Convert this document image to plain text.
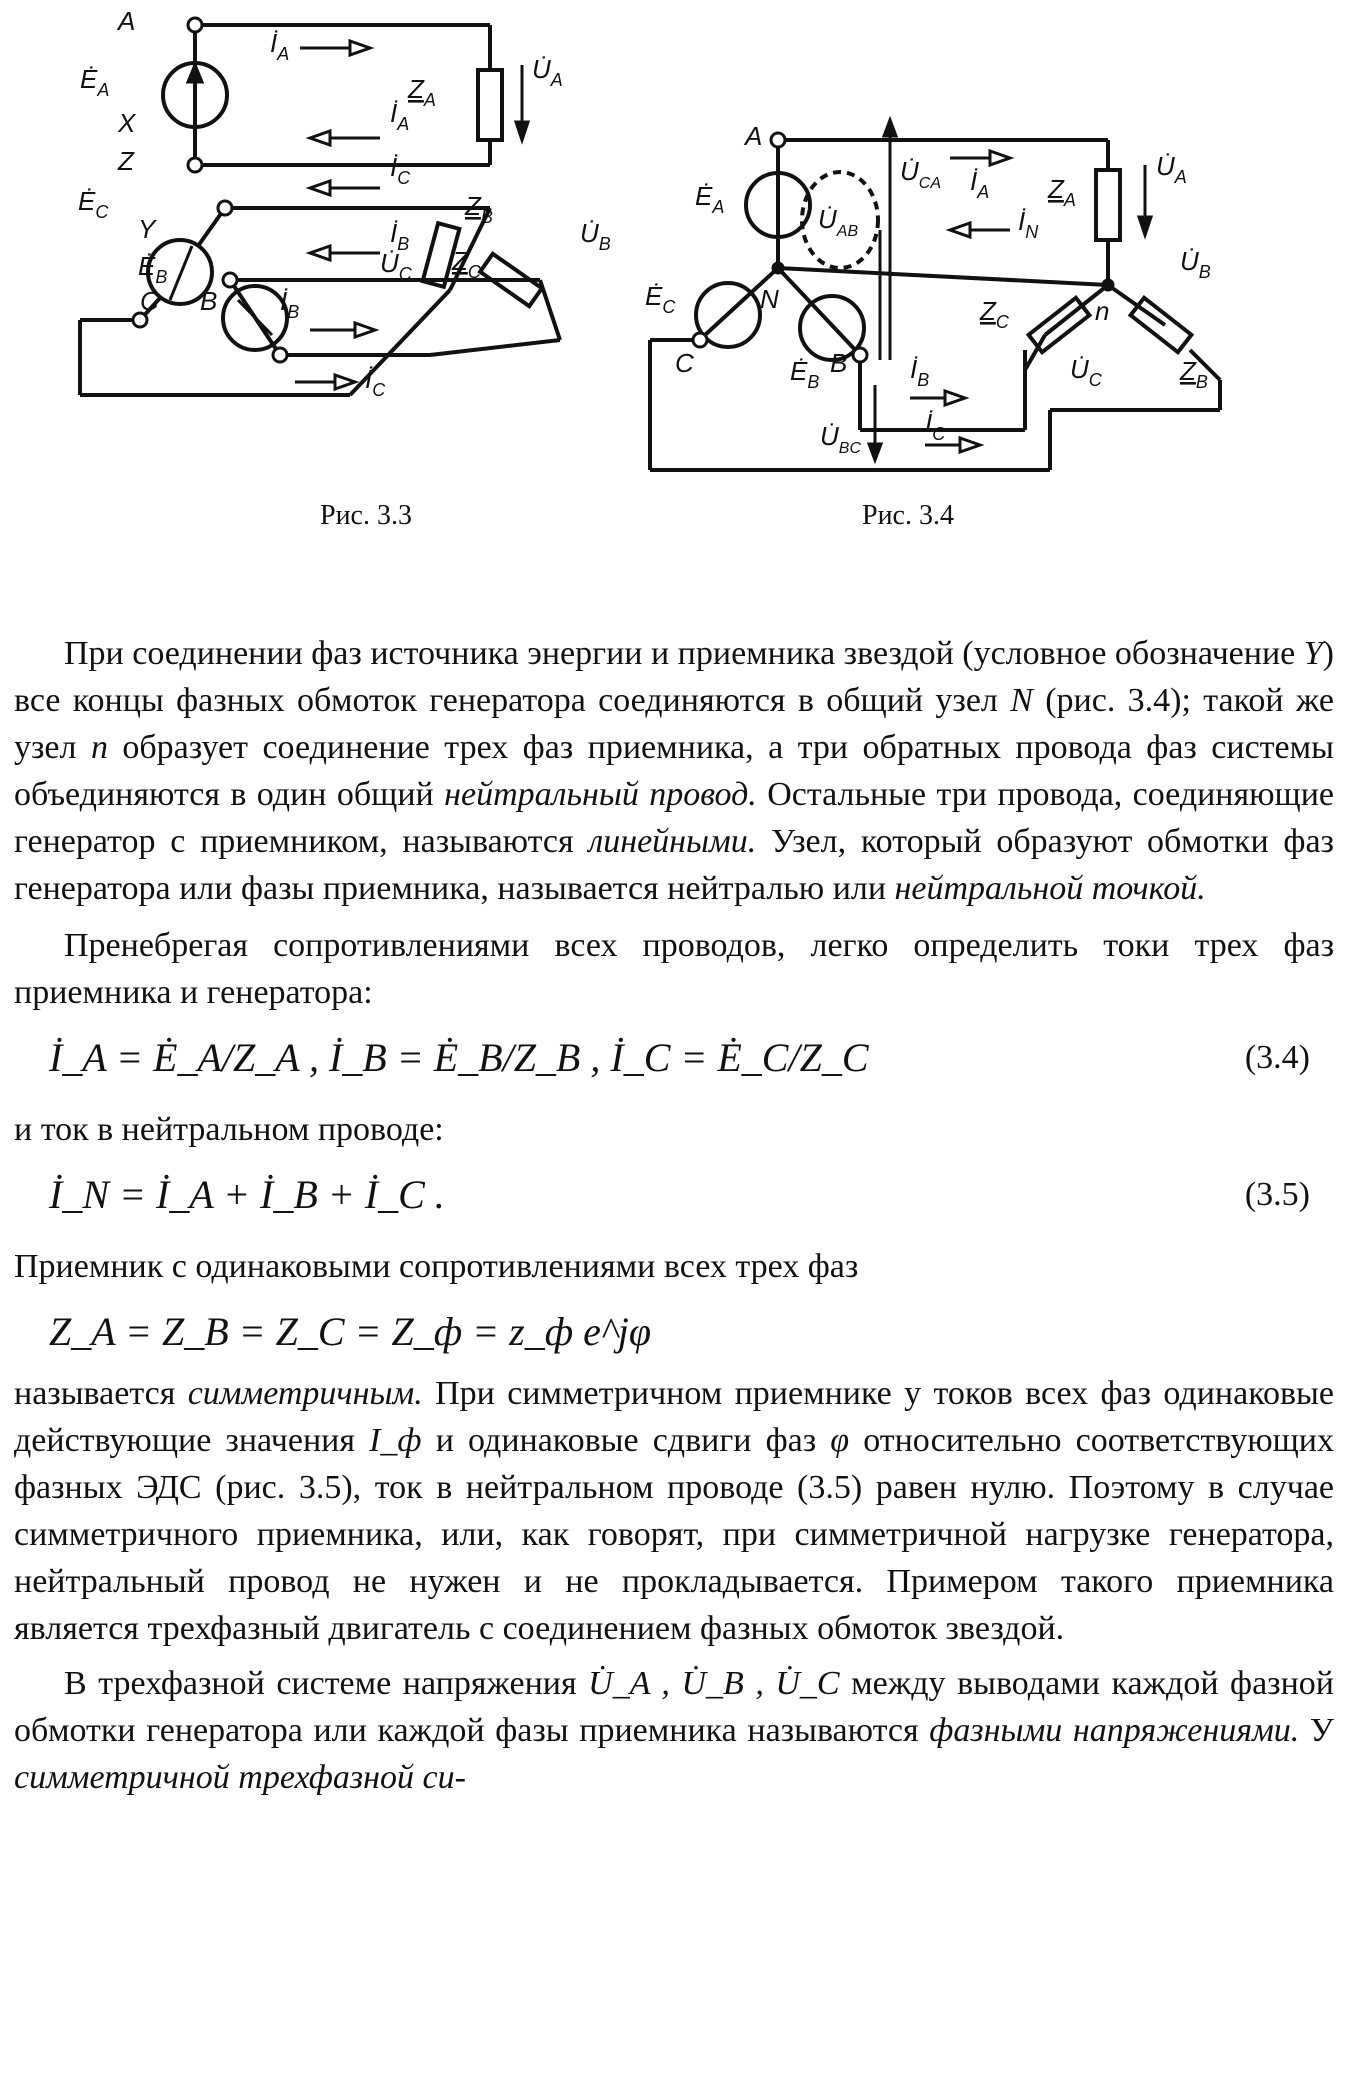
A
X
Z
C
Y
B
$Ė_A$
$Ė_C$
$Ė_B$
$İ_A$
$İ_A$
$İ_C$
$İ_B$
$İ_B$
$İ_C$
$Z_A$
$U̇_A$
$Z_B$
$U̇_B$
$Z_C$
$U̇_C$
Рис. 3.3
A
N	n
B
C
$Ė_A$
$Ė_C$
$Ė_B$
$U̇_{AB}$
$U̇_{CA}$
$U̇_{BC}$
$İ_A$
$İ_N$
$İ_B$
$İ_C$
$Z_A$
$U̇_A$
$Z_B$
$U̇_B$
$Z_C$
$U̇_C$
Рис. 3.4

При соединении фаз источника энергии и приемника звездой (условное обозначение Y) все концы фазных обмоток генератора соединяются в общий узел N (рис. 3.4); такой же узел n образует соединение трех фаз приемника, а три обратных провода фаз системы объединяются в один общий нейтральный провод. Остальные три провода, соединяющие генератор с приемником, называются линейными. Узел, который образуют обмотки фаз генератора или фазы приемника, называется нейтралью или нейтральной точкой.

Пренебрегая сопротивлениями всех проводов, легко определить токи трех фаз приемника и генератора:

İ_A = Ė_A/Z_A , İ_B = Ė_B/Z_B , İ_C = Ė_C/Z_C	(3.4)

и ток в нейтральном проводе:

İ_N = İ_A + İ_B + İ_C .	(3.5)

Приемник с одинаковыми сопротивлениями всех трех фаз

Z_A = Z_B = Z_C = Z_ф = z_ф e^jφ

называется симметричным. При симметричном приемнике у токов всех фаз одинаковые действующие значения I_ф и одинаковые сдвиги фаз φ относительно соответствующих фазных ЭДС (рис. 3.5), ток в нейтральном проводе (3.5) равен нулю. Поэтому в случае симметричного приемника, или, как говорят, при симметричной нагрузке генератора, нейтральный провод не нужен и не прокладывается. Примером такого приемника является трехфазный двигатель с соединением фазных обмоток звездой.

В трехфазной системе напряжения U̇_A , U̇_B , U̇_C между выводами каждой фазной обмотки генератора или каждой фазы приемника называются фазными напряжениями. У симметричной трехфазной си-
